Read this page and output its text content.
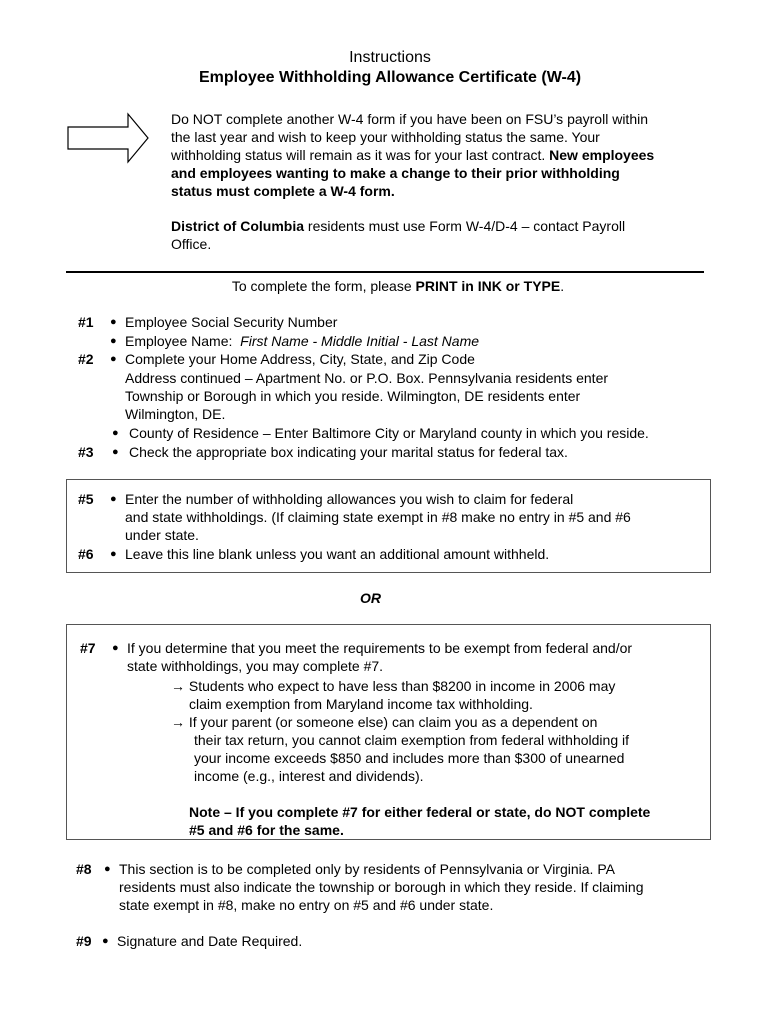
Instructions
Employee Withholding Allowance Certificate (W-4)
Do NOT complete another W-4 form if you have been on FSU’s payroll within
the last year and wish to keep your withholding status the same. Your
withholding status will remain as it was for your last contract. New employees
and employees wanting to make a change to their prior withholding
status must complete a W-4 form.
District of Columbia residents must use Form W-4/D-4 – contact Payroll
Office.
To complete the form, please PRINT in INK or TYPE.
#1 ● Employee Social Security Number
● Employee Name: First Name - Middle Initial - Last Name
#2 ● Complete your Home Address, City, State, and Zip Code
Address continued – Apartment No. or P.O. Box. Pennsylvania residents enter
Township or Borough in which you reside. Wilmington, DE residents enter
Wilmington, DE.
● County of Residence – Enter Baltimore City or Maryland county in which you reside.
#3 ● Check the appropriate box indicating your marital status for federal tax.
#5 ● Enter the number of withholding allowances you wish to claim for federal
and state withholdings. (If claiming state exempt in #8 make no entry in #5 and #6
under state.
#6 ● Leave this line blank unless you want an additional amount withheld.
OR
#7 ● If you determine that you meet the requirements to be exempt from federal and/or
state withholdings, you may complete #7.
→ Students who expect to have less than $8200 in income in 2006 may
claim exemption from Maryland income tax withholding.
→ If your parent (or someone else) can claim you as a dependent on
their tax return, you cannot claim exemption from federal withholding if
your income exceeds $850 and includes more than $300 of unearned
income (e.g., interest and dividends).
Note – If you complete #7 for either federal or state, do NOT complete
#5 and #6 for the same.
#8 ● This section is to be completed only by residents of Pennsylvania or Virginia. PA
residents must also indicate the township or borough in which they reside. If claiming
state exempt in #8, make no entry on #5 and #6 under state.
#9 ● Signature and Date Required.
